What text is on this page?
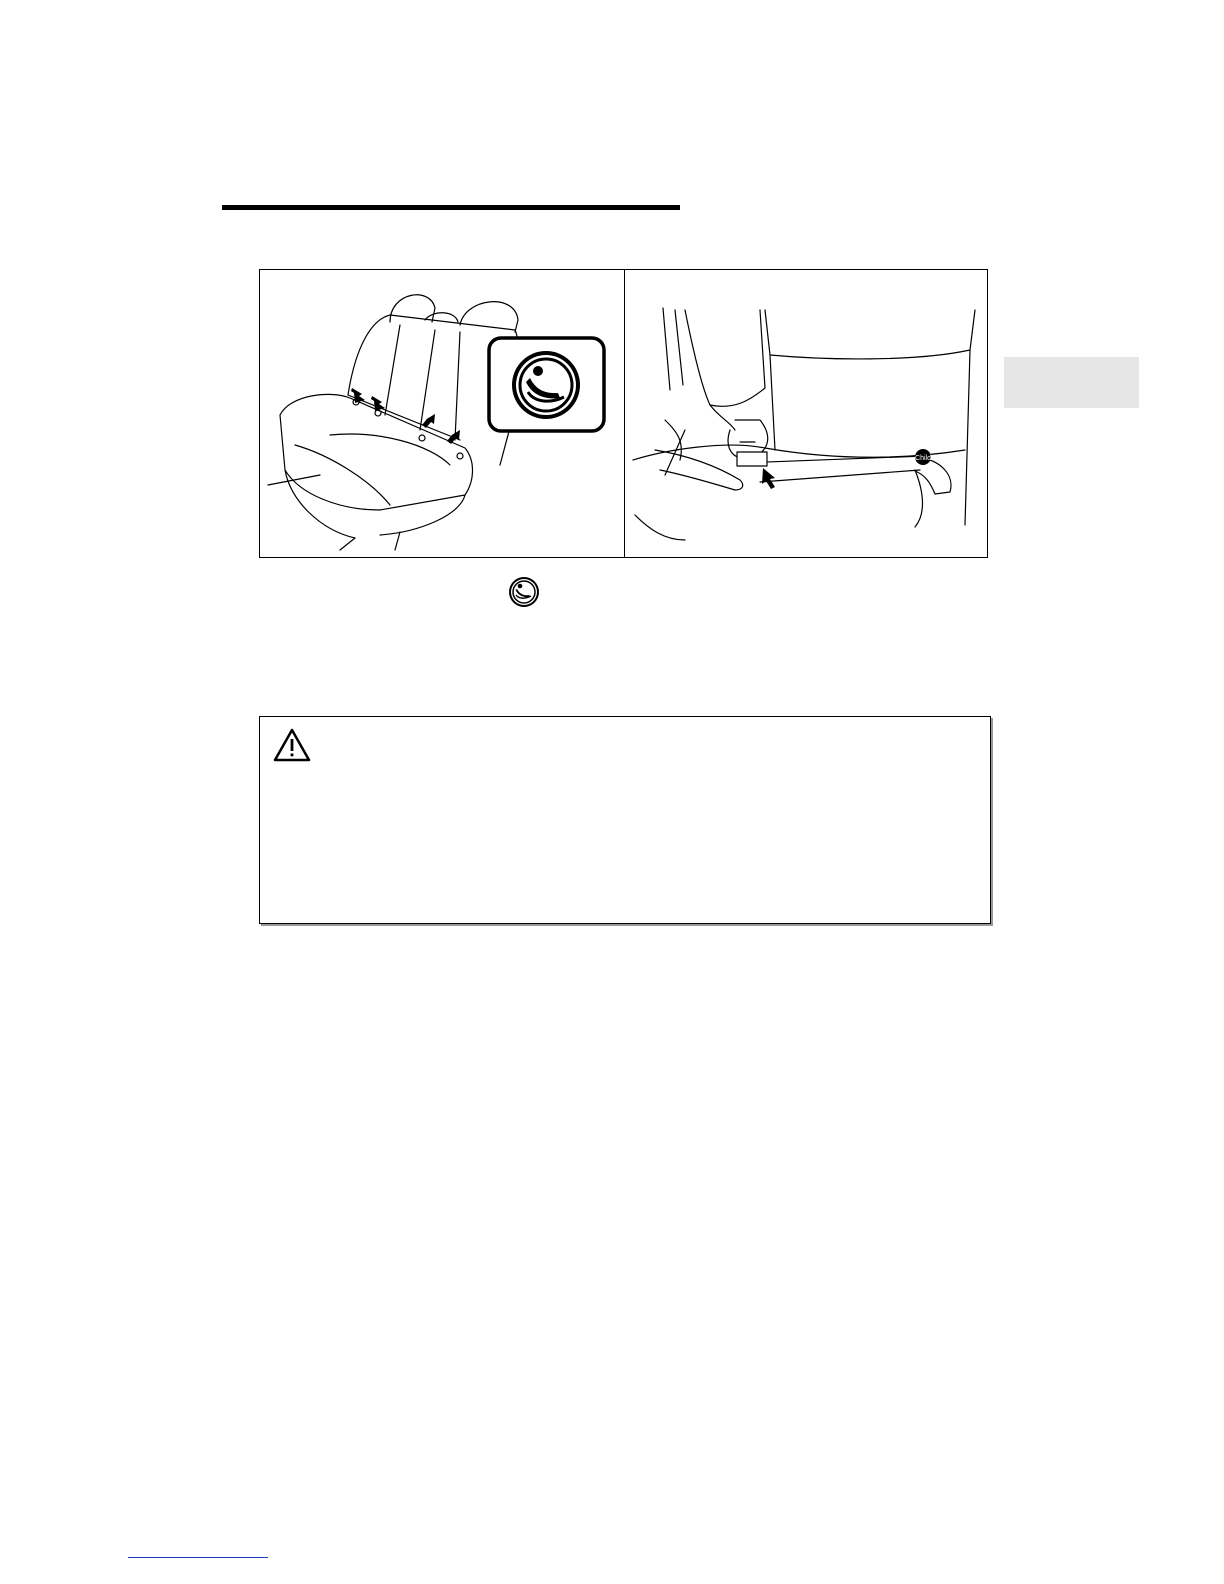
Child
